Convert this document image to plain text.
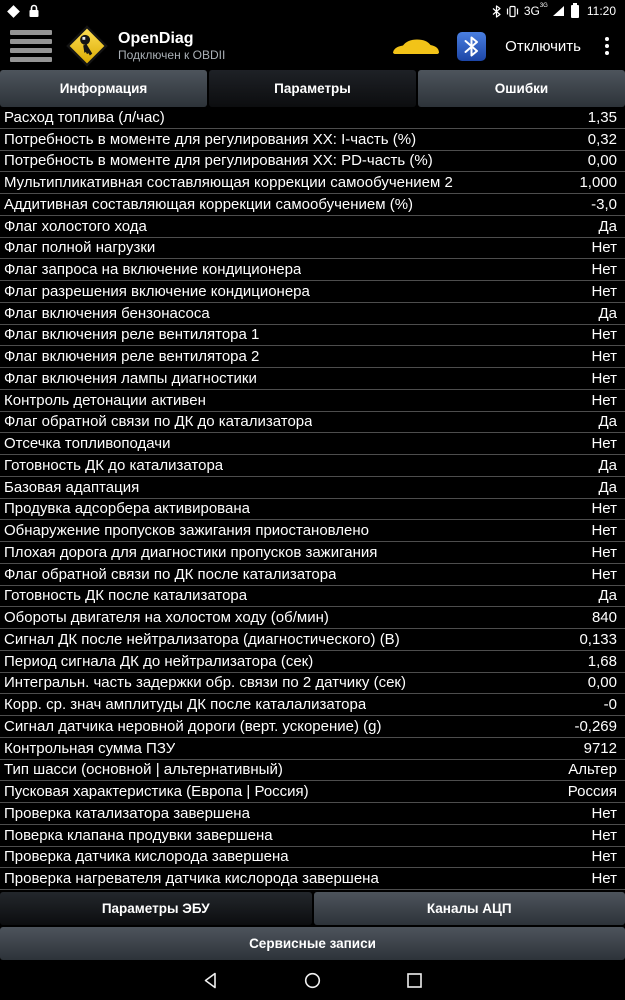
$3G^{3G}$	11:20
OpenDiag
Подключен к OBDII
Отключить
Информация	Параметры	Ошибки
Расход топлива (л/час)	1,35
Потребность в моменте для регулирования ХХ: I-часть (%)	0,32
Потребность в моменте для регулирования ХХ: PD-часть (%)	0,00
Мультипликативная составляющая коррекции самообучением 2	1,000
Аддитивная составляющая коррекции самообучением (%)	-3,0
Флаг холостого хода	Да
Флаг полной нагрузки	Нет
Флаг запроса на включение кондиционера	Нет
Флаг разрешения включение кондиционера	Нет
Флаг включения бензонасоса	Да
Флаг включения реле вентилятора 1	Нет
Флаг включения реле вентилятора 2	Нет
Флаг включения лампы диагностики	Нет
Контроль детонации активен	Нет
Флаг обратной связи по ДК до катализатора	Да
Отсечка топливоподачи	Нет
Готовность ДК до катализатора	Да
Базовая адаптация	Да
Продувка адсорбера активирована	Нет
Обнаружение пропусков зажигания приостановлено	Нет
Плохая дорога для диагностики пропусков зажигания	Нет
Флаг обратной связи по ДК после катализатора	Нет
Готовность ДК после катализатора	Да
Обороты двигателя на холостом ходу (об/мин)	840
Сигнал ДК после нейтрализатора (диагностического) (В)	0,133
Период сигнала ДК до нейтрализатора (сек)	1,68
Интегральн. часть задержки обр. связи по 2 датчику (сек)	0,00
Корр. ср. знач амплитуды ДК после каталализатора	-0
Сигнал датчика неровной дороги (верт. ускорение) (g)	-0,269
Контрольная сумма ПЗУ	9712
Тип шасси (основной | альтернативный)	Альтер
Пусковая характеристика (Европа | Россия)	Россия
Проверка катализатора завершена	Нет
Поверка клапана продувки завершена	Нет
Проверка датчика кислорода завершена	Нет
Проверка нагревателя датчика кислорода завершена	Нет
Параметры ЭБУ	Каналы АЦП
Сервисные записи
